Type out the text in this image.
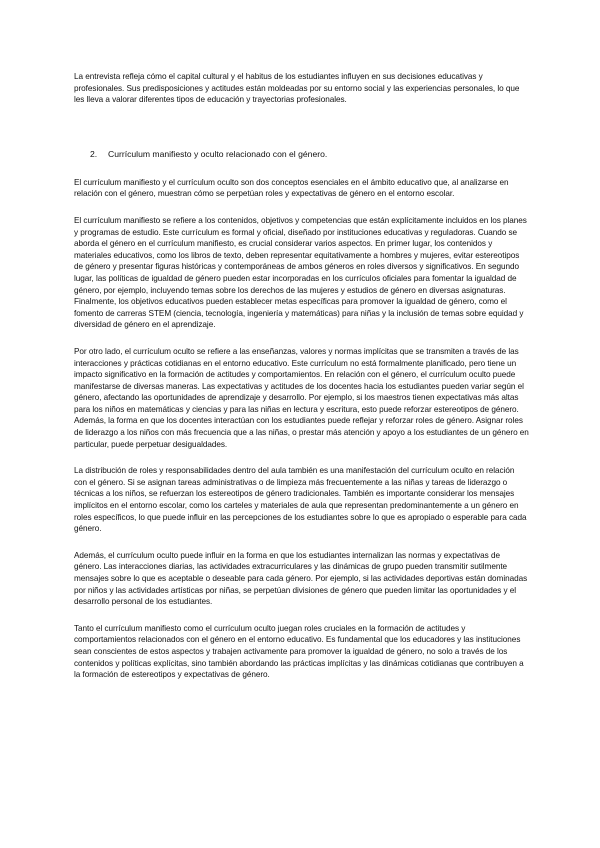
La entrevista refleja cómo el capital cultural y el habitus de los estudiantes influyen en sus decisiones educativas y profesionales. Sus predisposiciones y actitudes están moldeadas por su entorno social y las experiencias personales, lo que les lleva a valorar diferentes tipos de educación y trayectorias profesionales.

2. Currículum manifiesto y oculto relacionado con el género.

El currículum manifiesto y el currículum oculto son dos conceptos esenciales en el ámbito educativo que, al analizarse en relación con el género, muestran cómo se perpetúan roles y expectativas de género en el entorno escolar.

El currículum manifiesto se refiere a los contenidos, objetivos y competencias que están explícitamente incluidos en los planes y programas de estudio. Este currículum es formal y oficial, diseñado por instituciones educativas y reguladoras. Cuando se aborda el género en el currículum manifiesto, es crucial considerar varios aspectos. En primer lugar, los contenidos y materiales educativos, como los libros de texto, deben representar equitativamente a hombres y mujeres, evitar estereotipos de género y presentar figuras históricas y contemporáneas de ambos géneros en roles diversos y significativos. En segundo lugar, las políticas de igualdad de género pueden estar incorporadas en los currículos oficiales para fomentar la igualdad de género, por ejemplo, incluyendo temas sobre los derechos de las mujeres y estudios de género en diversas asignaturas. Finalmente, los objetivos educativos pueden establecer metas específicas para promover la igualdad de género, como el fomento de carreras STEM (ciencia, tecnología, ingeniería y matemáticas) para niñas y la inclusión de temas sobre equidad y diversidad de género en el aprendizaje.

Por otro lado, el currículum oculto se refiere a las enseñanzas, valores y normas implícitas que se transmiten a través de las interacciones y prácticas cotidianas en el entorno educativo. Este currículum no está formalmente planificado, pero tiene un impacto significativo en la formación de actitudes y comportamientos. En relación con el género, el currículum oculto puede manifestarse de diversas maneras. Las expectativas y actitudes de los docentes hacia los estudiantes pueden variar según el género, afectando las oportunidades de aprendizaje y desarrollo. Por ejemplo, si los maestros tienen expectativas más altas para los niños en matemáticas y ciencias y para las niñas en lectura y escritura, esto puede reforzar estereotipos de género. Además, la forma en que los docentes interactúan con los estudiantes puede reflejar y reforzar roles de género. Asignar roles de liderazgo a los niños con más frecuencia que a las niñas, o prestar más atención y apoyo a los estudiantes de un género en particular, puede perpetuar desigualdades.

La distribución de roles y responsabilidades dentro del aula también es una manifestación del currículum oculto en relación con el género. Si se asignan tareas administrativas o de limpieza más frecuentemente a las niñas y tareas de liderazgo o técnicas a los niños, se refuerzan los estereotipos de género tradicionales. También es importante considerar los mensajes implícitos en el entorno escolar, como los carteles y materiales de aula que representan predominantemente a un género en roles específicos, lo que puede influir en las percepciones de los estudiantes sobre lo que es apropiado o esperable para cada género.

Además, el currículum oculto puede influir en la forma en que los estudiantes internalizan las normas y expectativas de género. Las interacciones diarias, las actividades extracurriculares y las dinámicas de grupo pueden transmitir sutilmente mensajes sobre lo que es aceptable o deseable para cada género. Por ejemplo, si las actividades deportivas están dominadas por niños y las actividades artísticas por niñas, se perpetúan divisiones de género que pueden limitar las oportunidades y el desarrollo personal de los estudiantes.

Tanto el currículum manifiesto como el currículum oculto juegan roles cruciales en la formación de actitudes y comportamientos relacionados con el género en el entorno educativo. Es fundamental que los educadores y las instituciones sean conscientes de estos aspectos y trabajen activamente para promover la igualdad de género, no solo a través de los contenidos y políticas explícitas, sino también abordando las prácticas implícitas y las dinámicas cotidianas que contribuyen a la formación de estereotipos y expectativas de género.
